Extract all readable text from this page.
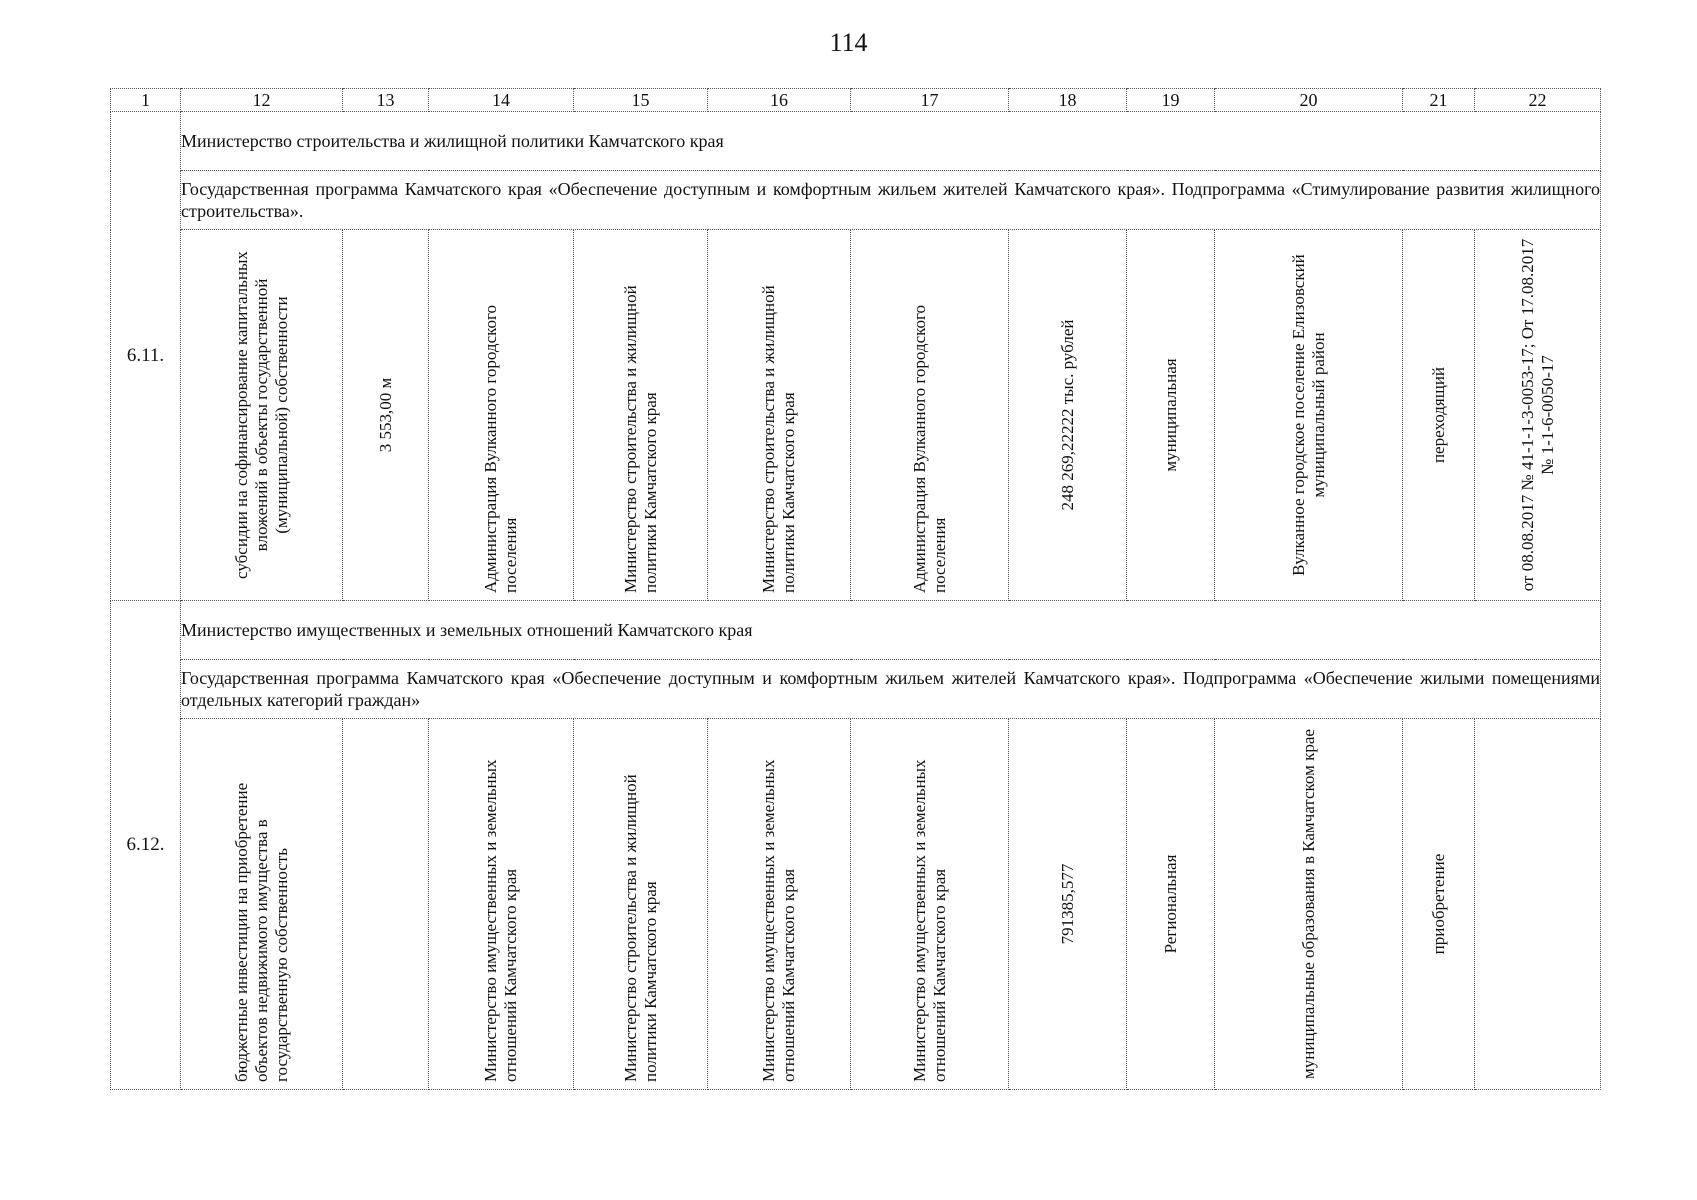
114
1	12	13	14	15	16	17	18	19	20	21	22
6.11.	Министерство строительства и жилищной политики Камчатского края										
	Государственная программа Камчатского края «Обеспечение доступным и комфортным жильем жителей Камчатского края». Подпрограмма «Стимулирование развития жилищного строительства».										

	субсидии на софинансирование капитальных вложений в объекты государственной (муниципальной) собственности	3 553,00 м	Администрация Вулканного городского поселения	Министерство строительства и жилищной политики Камчатского края	Министерство строительства и жилищной политики Камчатского края	Администрация Вулканного городского поселения	248 269,22222 тыс. рублей	муниципальная	Вулканное городское поселение Елизовский муниципальный район	переходящий	от 08.08.2017 № 41-1-1-3-0053-17; От 17.08.2017 № 1-1-6-0050-17

6.12.	Министерство имущественных и земельных отношений Камчатского края										
	Государственная программа Камчатского края «Обеспечение доступным и комфортным жильем жителей Камчатского края». Подпрограмма «Обеспечение жилыми помещениями отдельных категорий граждан»										

	бюджетные инвестиции на приобретение объектов недвижимого имущества в государственную собственность		Министерство имущественных и земельных отношений Камчатского края	Министерство строительства и жилищной политики Камчатского края	Министерство имущественных и земельных отношений Камчатского края	Министерство имущественных и земельных отношений Камчатского края	791385,577	Региональная	муниципальные образования в Камчатском крае	приобретение	
